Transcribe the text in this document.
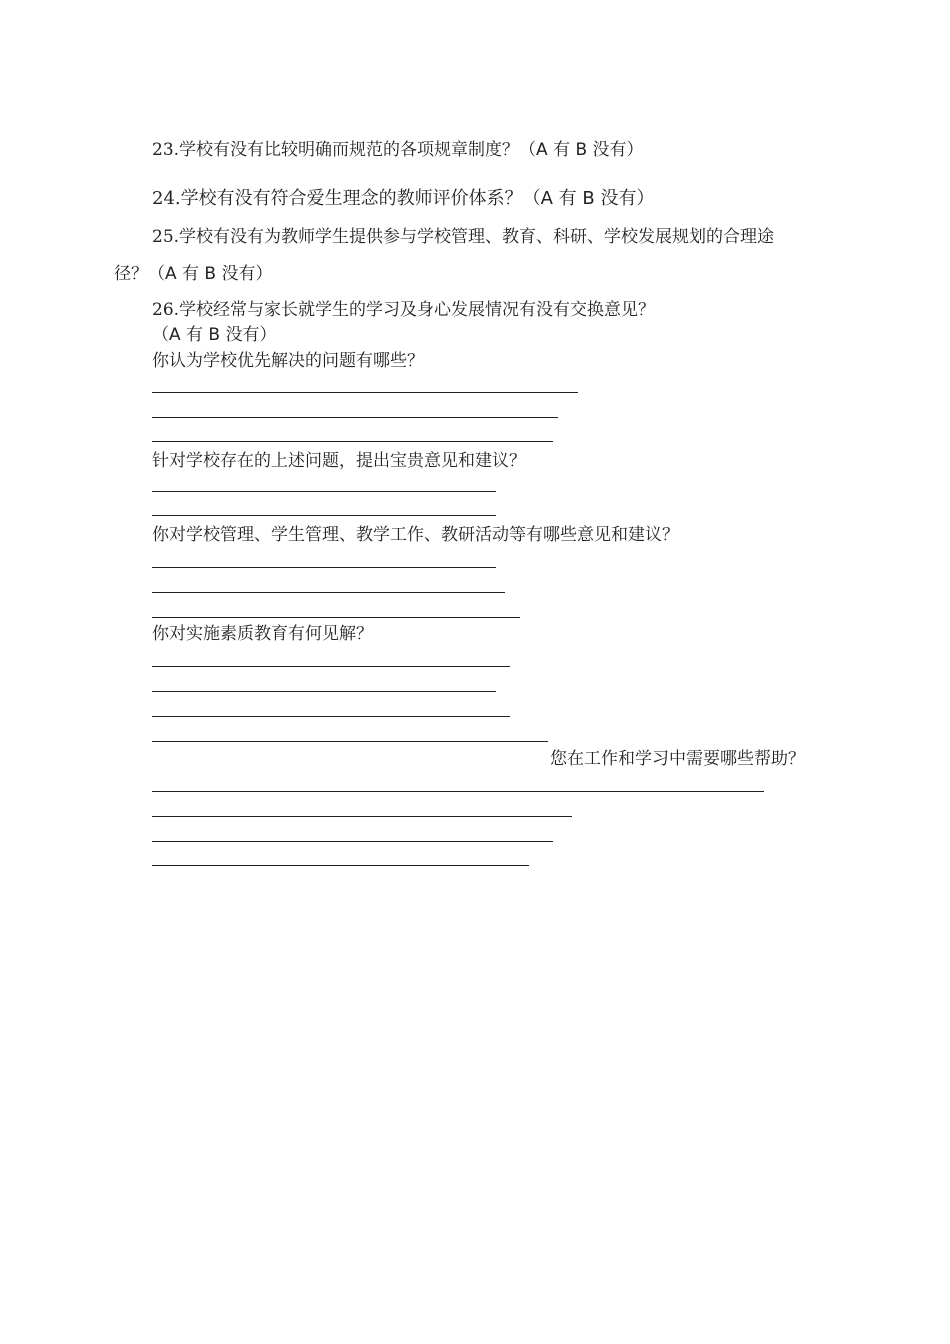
23.学校有没有比较明确而规范的各项规章制度？（A 有 B 没有）
24.学校有没有符合爱生理念的教师评价体系？（A 有 B 没有）
25.学校有没有为教师学生提供参与学校管理、教育、科研、学校发展规划的合理途
径？（A 有 B 没有）
26.学校经常与家长就学生的学习及身心发展情况有没有交换意见？
（A 有 B 没有）
你认为学校优先解决的问题有哪些？
针对学校存在的上述问题，提出宝贵意见和建议？
你对学校管理、学生管理、教学工作、教研活动等有哪些意见和建议？
你对实施素质教育有何见解？
您在工作和学习中需要哪些帮助？
